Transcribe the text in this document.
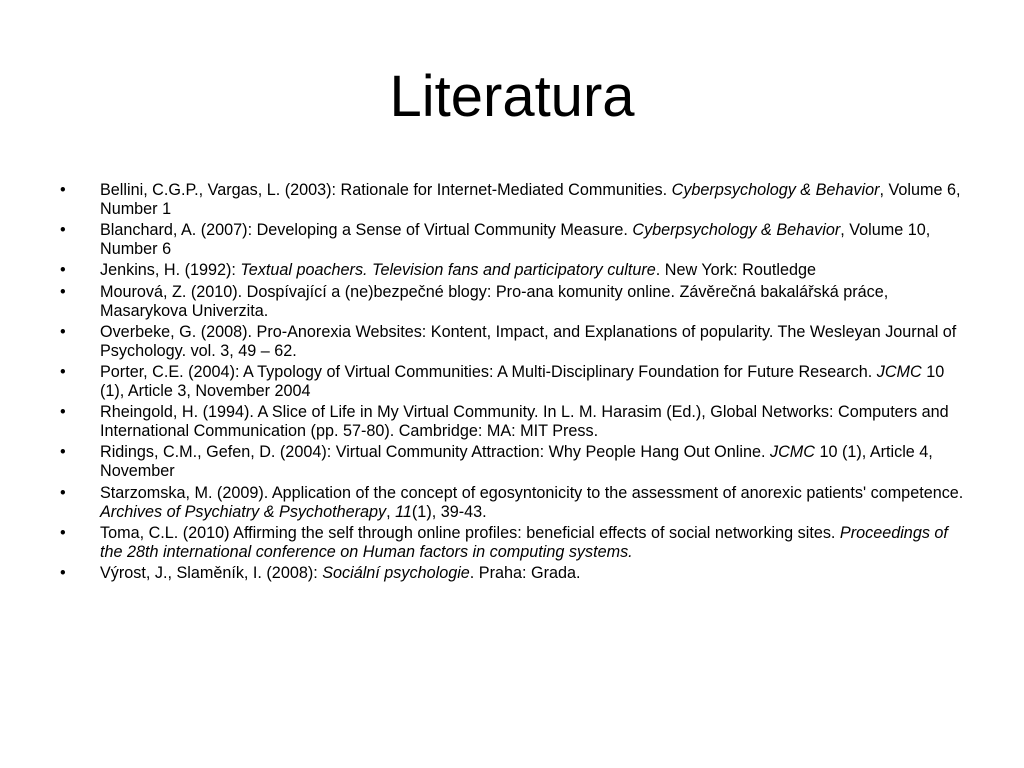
Literatura
•	Bellini, C.G.P., Vargas, L. (2003): Rationale for Internet-Mediated Communities. Cyberpsychology & Behavior, Volume 6, Number 1
•	Blanchard, A. (2007): Developing a Sense of Virtual Community Measure. Cyberpsychology & Behavior, Volume 10, Number 6
•	Jenkins, H. (1992): Textual poachers. Television fans and participatory culture. New York: Routledge
•	Mourová, Z. (2010). Dospívající a (ne)bezpečné blogy: Pro-ana komunity online. Závěrečná bakalářská práce, Masarykova Univerzita.
•	Overbeke, G. (2008). Pro-Anorexia Websites: Kontent, Impact, and Explanations of popularity. The Wesleyan Journal of Psychology. vol. 3, 49 – 62.
•	Porter, C.E. (2004): A Typology of Virtual Communities: A Multi-Disciplinary Foundation for Future Research. JCMC 10 (1), Article 3, November 2004
•	Rheingold, H. (1994). A Slice of Life in My Virtual Community. In L. M. Harasim (Ed.), Global Networks: Computers and International Communication (pp. 57-80). Cambridge: MA: MIT Press.
•	Ridings, C.M., Gefen, D. (2004): Virtual Community Attraction: Why People Hang Out Online. JCMC 10 (1), Article 4, November
•	Starzomska, M. (2009). Application of the concept of egosyntonicity to the assessment of anorexic patients' competence. Archives of Psychiatry & Psychotherapy, 11(1), 39-43.
•	Toma, C.L. (2010) Affirming the self through online profiles: beneficial effects of social networking sites. Proceedings of the 28th international conference on Human factors in computing systems.
•	Výrost, J., Slaměník, I. (2008): Sociální psychologie. Praha: Grada.
